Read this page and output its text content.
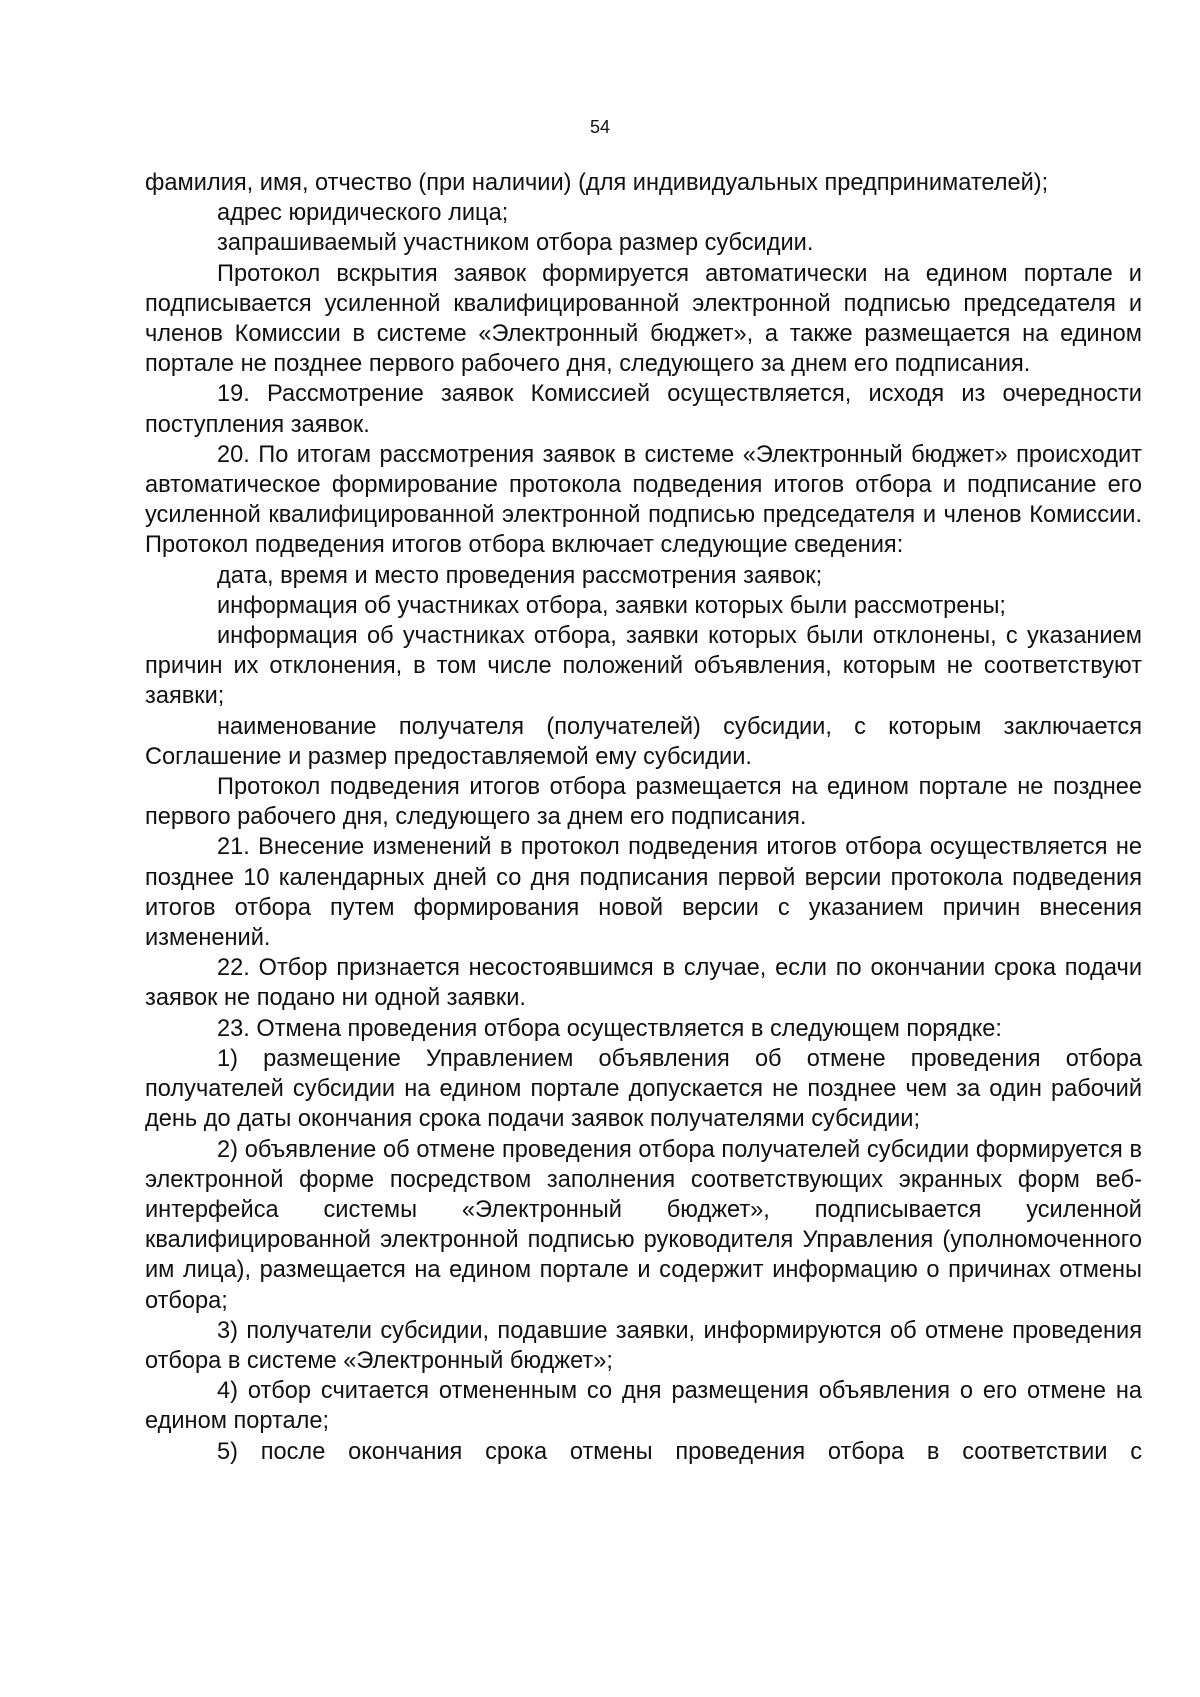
54

фамилия, имя, отчество (при наличии) (для индивидуальных предпринимателей);

адрес юридического лица;

запрашиваемый участником отбора размер субсидии.

Протокол вскрытия заявок формируется автоматически на едином портале и подписывается усиленной квалифицированной электронной подписью председателя и членов Комиссии в системе «Электронный бюджет», а также размещается на едином портале не позднее первого рабочего дня, следующего за днем его подписания.

19. Рассмотрение заявок Комиссией осуществляется, исходя из очередности поступления заявок.

20. По итогам рассмотрения заявок в системе «Электронный бюджет» происходит автоматическое формирование протокола подведения итогов отбора и подписание его усиленной квалифицированной электронной подписью председателя и членов Комиссии. Протокол подведения итогов отбора включает следующие сведения:

дата, время и место проведения рассмотрения заявок;

информация об участниках отбора, заявки которых были рассмотрены;

информация об участниках отбора, заявки которых были отклонены, с указанием причин их отклонения, в том числе положений объявления, которым не соответствуют заявки;

наименование получателя (получателей) субсидии, с которым заключается Соглашение и размер предоставляемой ему субсидии.

Протокол подведения итогов отбора размещается на едином портале не позднее первого рабочего дня, следующего за днем его подписания.

21. Внесение изменений в протокол подведения итогов отбора осуществляется не позднее 10 календарных дней со дня подписания первой версии протокола подведения итогов отбора путем формирования новой версии с указанием причин внесения изменений.

22. Отбор признается несостоявшимся в случае, если по окончании срока подачи заявок не подано ни одной заявки.

23. Отмена проведения отбора осуществляется в следующем порядке:

1) размещение Управлением объявления об отмене проведения отбора получателей субсидии на едином портале допускается не позднее чем за один рабочий день до даты окончания срока подачи заявок получателями субсидии;

2) объявление об отмене проведения отбора получателей субсидии формируется в электронной форме посредством заполнения соответствующих экранных форм веб-интерфейса системы «Электронный бюджет», подписывается усиленной квалифицированной электронной подписью руководителя Управления (уполномоченного им лица), размещается на едином портале и содержит информацию о причинах отмены отбора;

3) получатели субсидии, подавшие заявки, информируются об отмене проведения отбора в системе «Электронный бюджет»;

4) отбор считается отмененным со дня размещения объявления о его отмене на едином портале;

5) после окончания срока отмены проведения отбора в соответствии с
